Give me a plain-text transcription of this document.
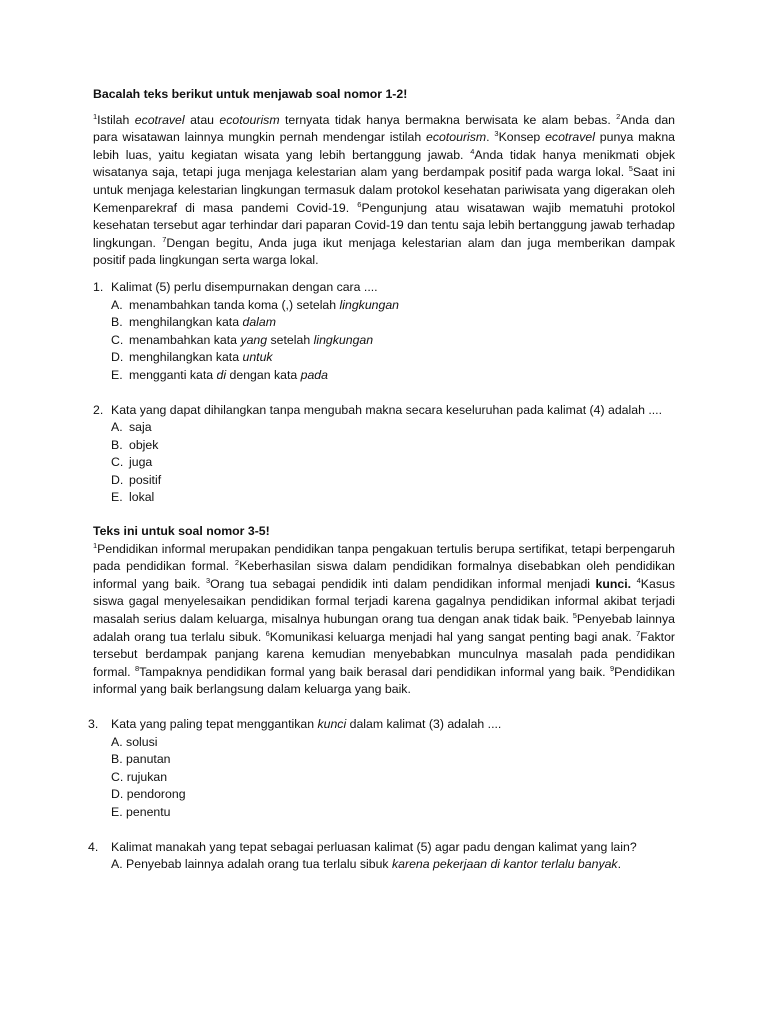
Bacalah teks berikut untuk menjawab soal nomor 1-2!

$^1$Istilah ecotravel atau ecotourism ternyata tidak hanya bermakna berwisata ke alam bebas. $^2$Anda dan para wisatawan lainnya mungkin pernah mendengar istilah ecotourism. $^3$Konsep ecotravel punya makna lebih luas, yaitu kegiatan wisata yang lebih bertanggung jawab. $^4$Anda tidak hanya menikmati objek wisatanya saja, tetapi juga menjaga kelestarian alam yang berdampak positif pada warga lokal. $^5$Saat ini untuk menjaga kelestarian lingkungan termasuk dalam protokol kesehatan pariwisata yang digerakan oleh Kemenparekraf di masa pandemi Covid-19. $^6$Pengunjung atau wisatawan wajib mematuhi protokol kesehatan tersebut agar terhindar dari paparan Covid-19 dan tentu saja lebih bertanggung jawab terhadap lingkungan. $^7$Dengan begitu, Anda juga ikut menjaga kelestarian alam dan juga memberikan dampak positif pada lingkungan serta warga lokal.

1. Kalimat (5) perlu disempurnakan dengan cara ....

A. menambahkan tanda koma (,) setelah lingkungan
B. menghilangkan kata dalam
C. menambahkan kata yang setelah lingkungan
D. menghilangkan kata untuk
E. mengganti kata di dengan kata pada
2. Kata yang dapat dihilangkan tanpa mengubah makna secara keseluruhan pada kalimat (4) adalah ....

A. saja
B. objek
C. juga
D. positif
E. lokal

Teks ini untuk soal nomor 3-5!

$^1$Pendidikan informal merupakan pendidikan tanpa pengakuan tertulis berupa sertifikat, tetapi berpengaruh pada pendidikan formal. $^2$Keberhasilan siswa dalam pendidikan formalnya disebabkan oleh pendidikan informal yang baik. $^3$Orang tua sebagai pendidik inti dalam pendidikan informal menjadi kunci. $^4$Kasus siswa gagal menyelesaikan pendidikan formal terjadi karena gagalnya pendidikan informal akibat terjadi masalah serius dalam keluarga, misalnya hubungan orang tua dengan anak tidak baik. $^5$Penyebab lainnya adalah orang tua terlalu sibuk. $^6$Komunikasi keluarga menjadi hal yang sangat penting bagi anak. $^7$Faktor tersebut berdampak panjang karena kemudian menyebabkan munculnya masalah pada pendidikan formal. $^8$Tampaknya pendidikan formal yang baik berasal dari pendidikan informal yang baik. $^9$Pendidikan informal yang baik berlangsung dalam keluarga yang baik.

3. Kata yang paling tepat menggantikan kunci dalam kalimat (3) adalah ....

A. solusi
B. panutan
C. rujukan
D. pendorong
E. penentu
4. Kalimat manakah yang tepat sebagai perluasan kalimat (5) agar padu dengan kalimat yang lain?

A. Penyebab lainnya adalah orang tua terlalu sibuk karena pekerjaan di kantor terlalu banyak.
